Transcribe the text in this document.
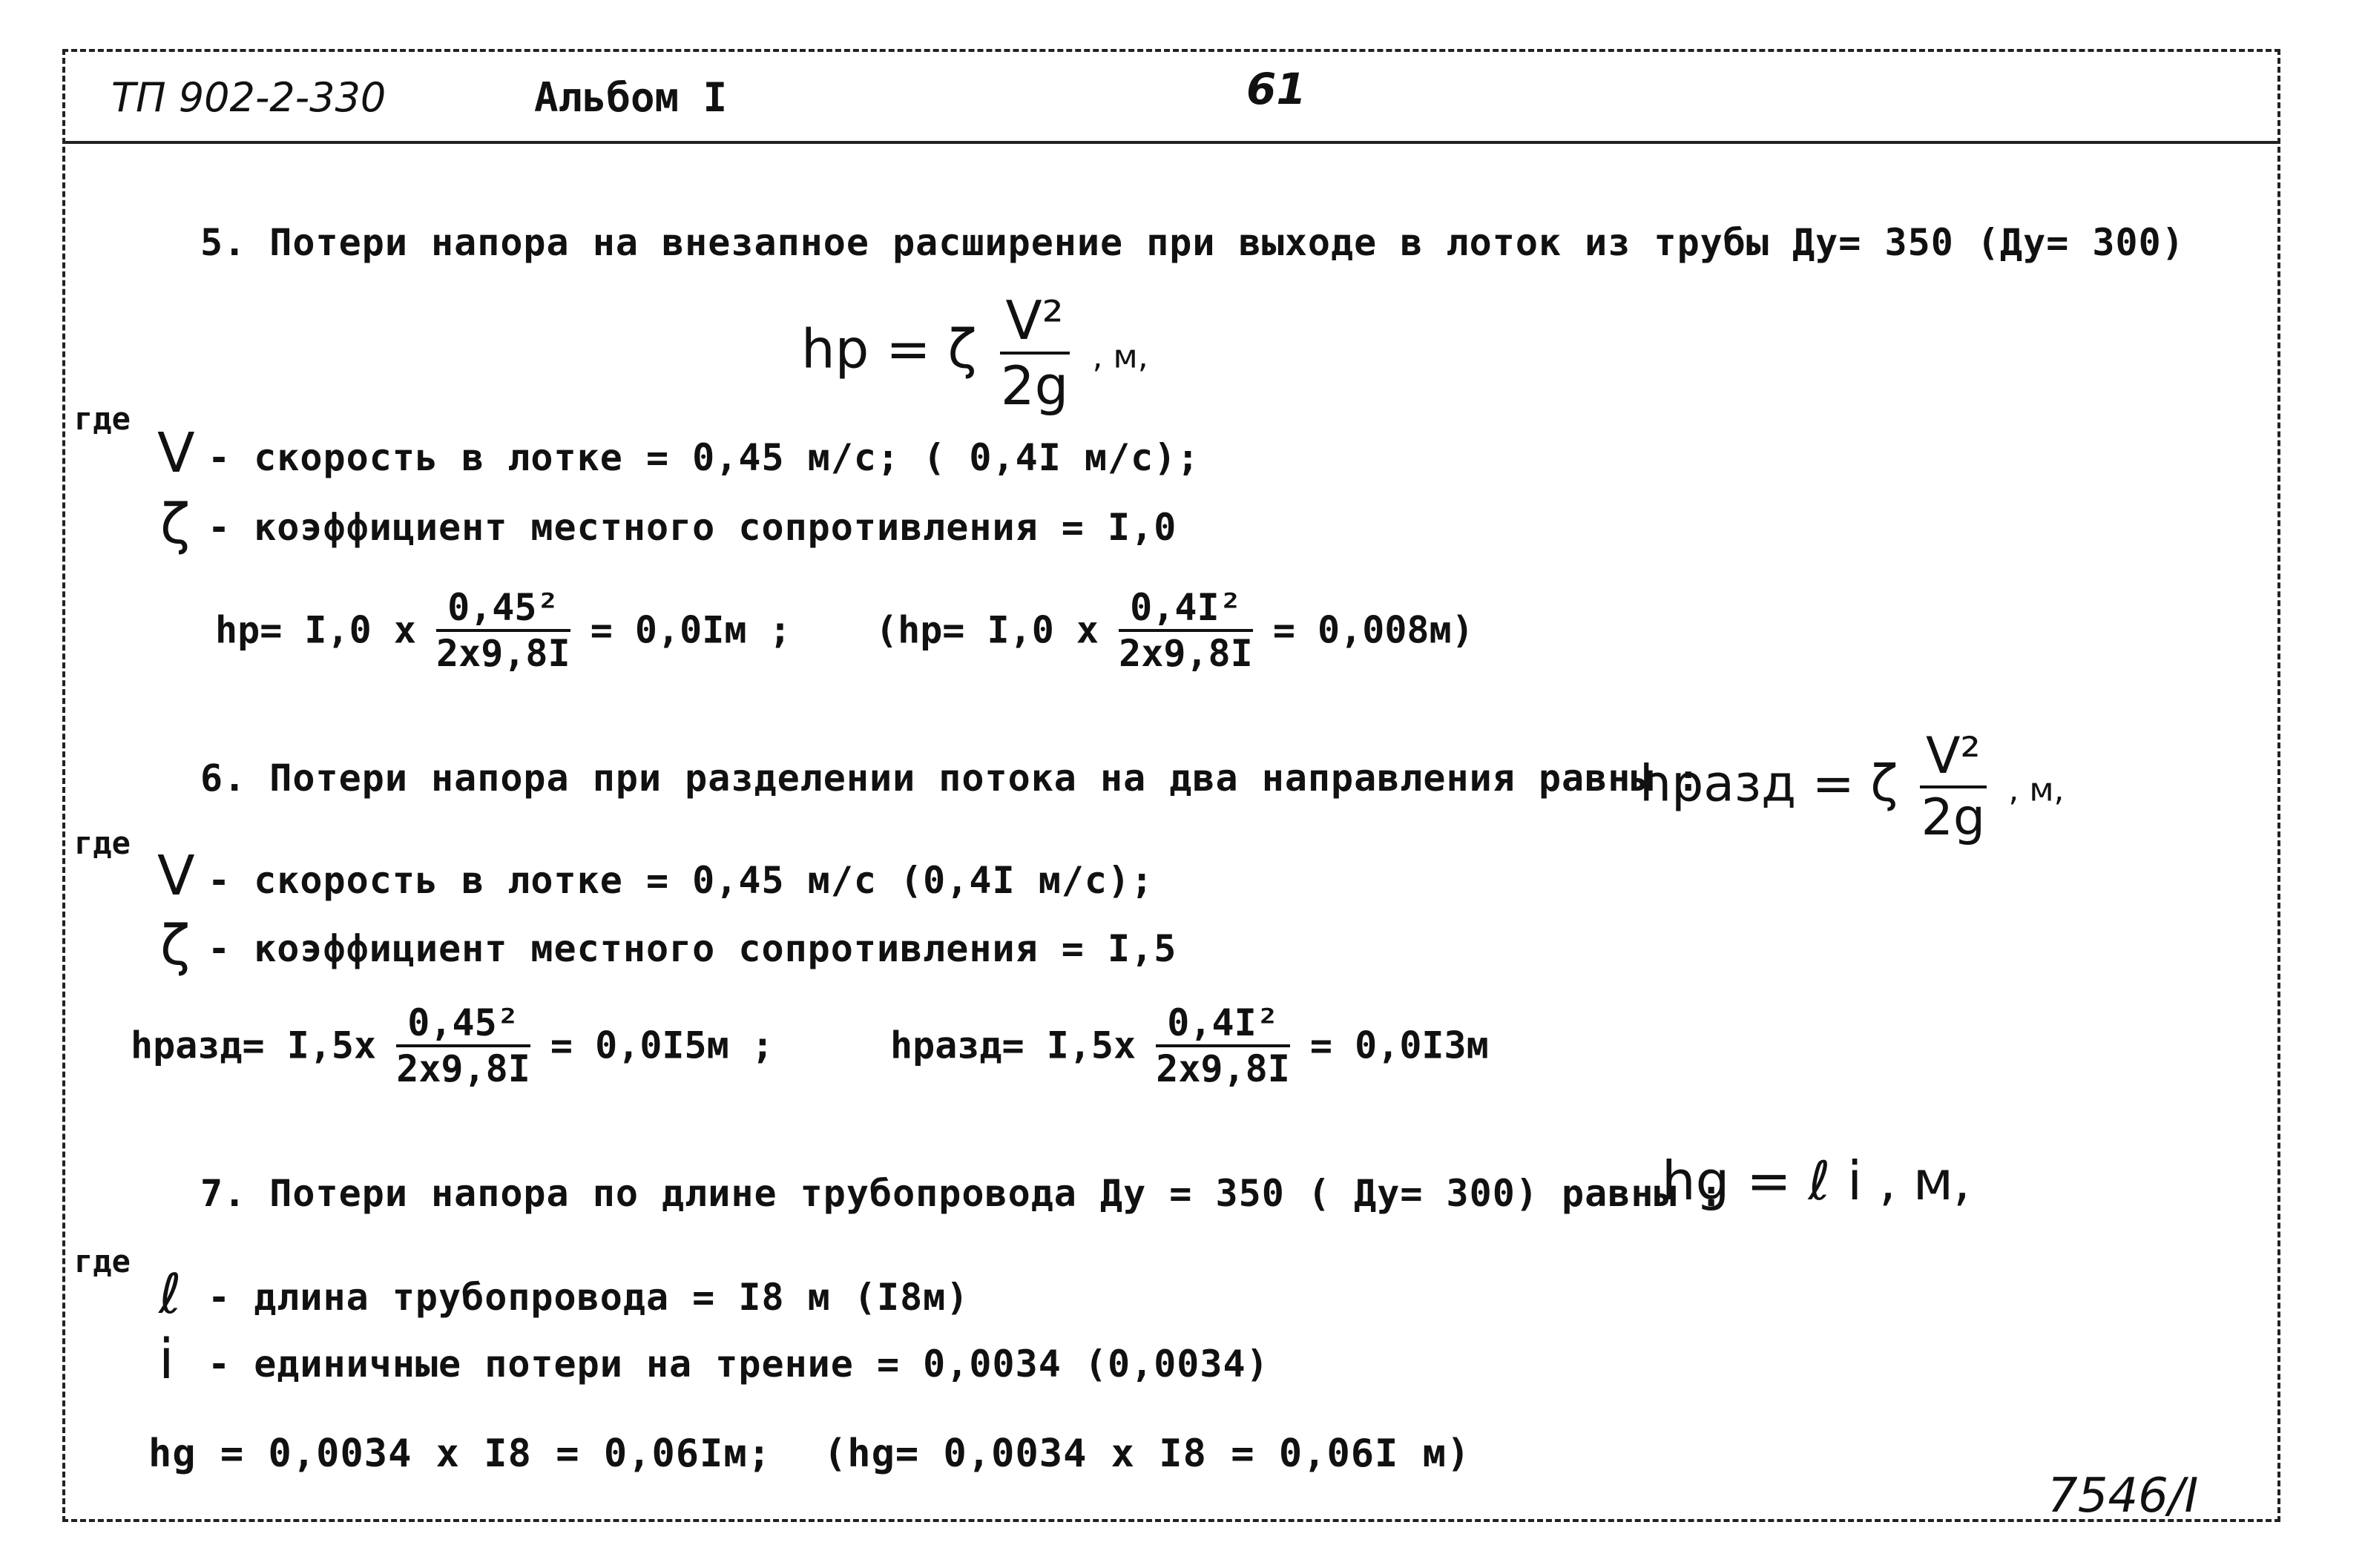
ТП 902-2-330	Альбом I	61
5. Потери напора на внезапное расширение при выходе в лоток из трубы Ду= 350 (Ду= 300)
hp = ζ $\frac{\text{V²}}{2g}$ , м,
где
V - скорость в лотке = 0,45 м/с; ( 0,4I м/с);
ζ - коэффициент местного сопротивления = I,0
hp= I,0 x $\frac{\text{0,45²}}{2x9,8I} = 0,0Iм$ ; (hp= I,0 x $\frac{\text{0,4I²}}{2x9,8I} = 0,008м$)
6. Потери напора при разделении потока на два направления равны :
hразд = ζ $\frac{\text{V²}}{2g}$ , м,
где
V - скорость в лотке = 0,45 м/с (0,4I м/с);
ζ - коэффициент местного сопротивления = I,5
hразд= $I,5x \frac{\text{0,45²}}{2x9,8I} = 0,0I5м$ ;	hразд= $I,5x \frac{\text{0,4I²}}{2x9,8I} = 0,0I3м$
7. Потери напора по длине трубопровода Ду = 350 ( Ду= 300) равны :
hg = ℓ i , м,
где
ℓ - длина трубопровода = I8 м (I8м)
i - единичные потери на трение = 0,0034 (0,0034)
hg = 0,0034 x I8 = 0,06Iм; (hg= 0,0034 x I8 = 0,06I м)
7546/I
